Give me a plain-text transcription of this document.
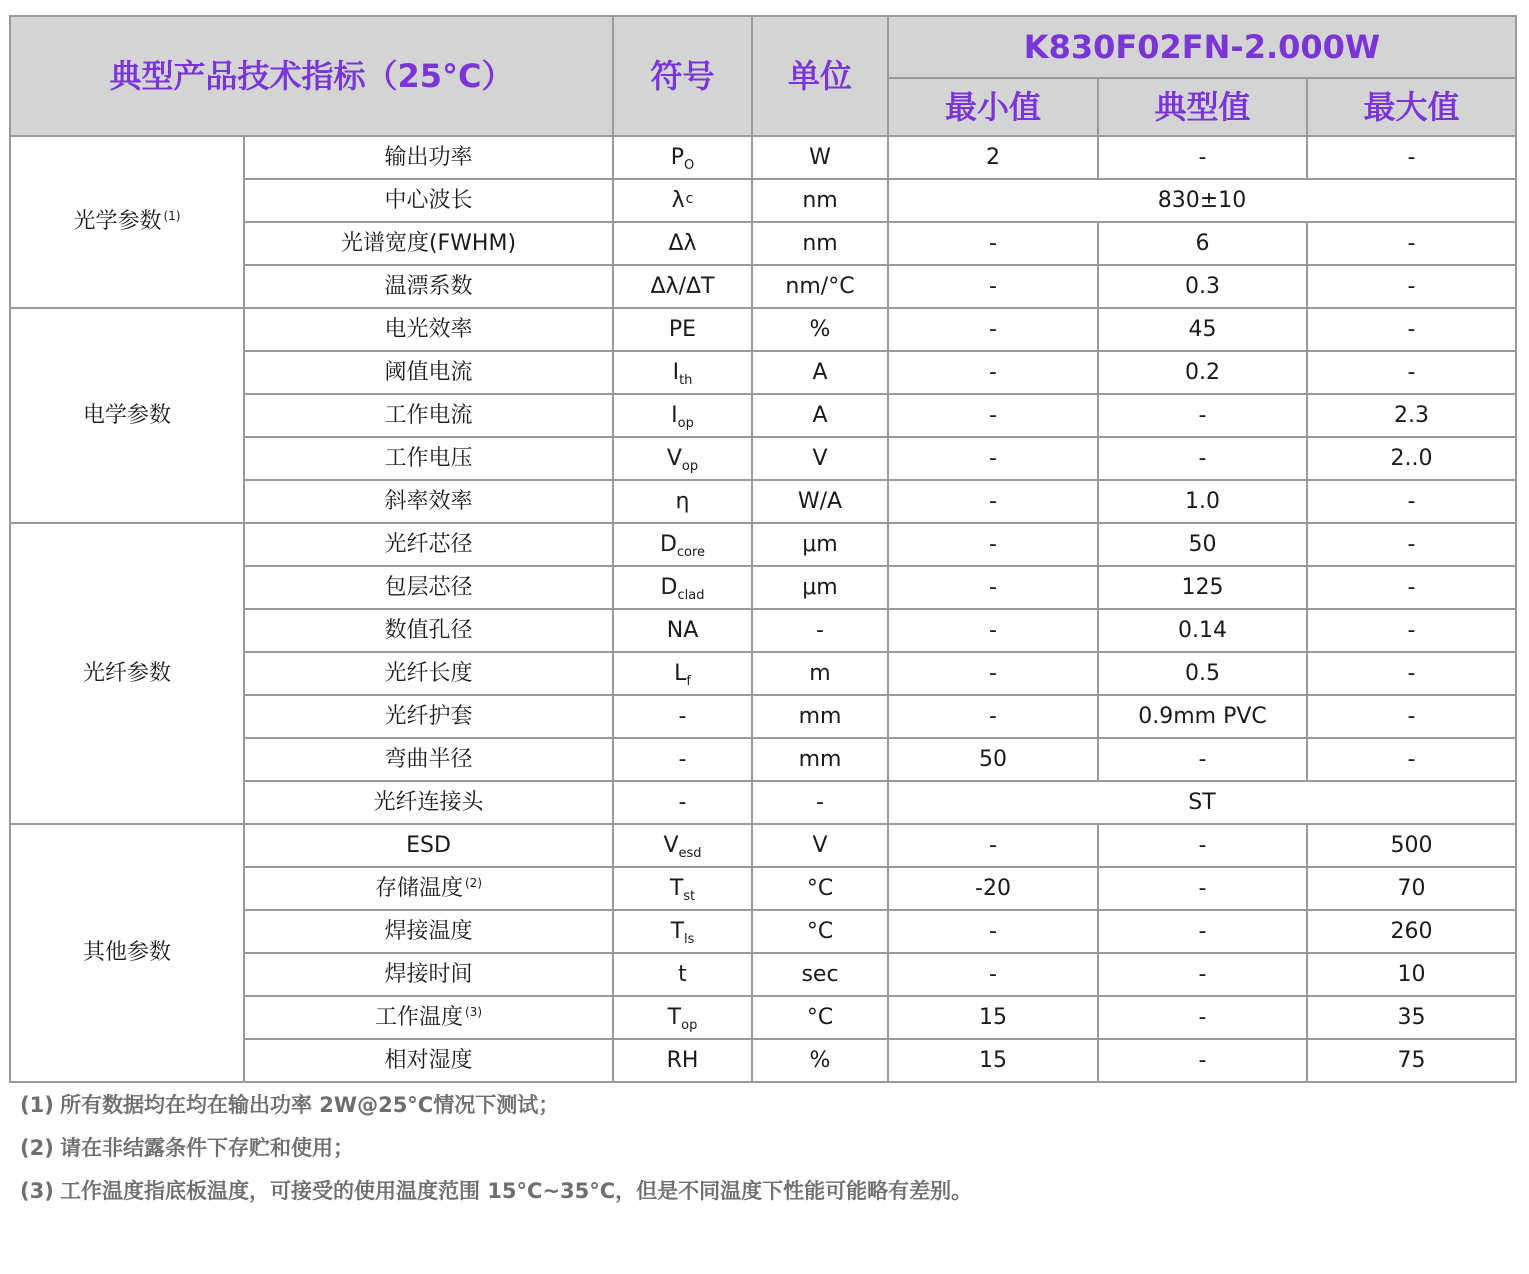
典型产品技术指标（25°C）		符号	单位	K830F02FN-2.000W		
				最小值	典型值	最大值
光学参数 $^{(1)}$	输出功率	$P_O$	W	2	-	-
	中心波长	λc	nm	830±10		
	光谱宽度(FWHM)	Δλ	nm	-	6	-
	温漂系数	Δλ/ΔT	nm/°C	-	0.3	-
电学参数	电光效率	PE	%	-	45	-
	阈值电流	$I_{th}$	A	-	0.2	-
	工作电流	$I_{op}$	A	-	-	2.3
	工作电压	$V_{op}$	V	-	-	2..0
	斜率效率	η	W/A	-	1.0	-
光纤参数	光纤芯径	$D_{core}$	μm	-	50	-
	包层芯径	$D_{clad}$	μm	-	125	-
	数值孔径	NA	-	-	0.14	-
	光纤长度	$L_f$	m	-	0.5	-
	光纤护套	-	mm	-	0.9mm PVC	-
	弯曲半径	-	mm	50	-	-
	光纤连接头	-	-	ST		
其他参数	ESD	$V_{esd}$	V	-	-	500
	存储温度 $^{(2)}$	$T_{st}$	°C	-20	-	70
	焊接温度	$T_{ls}$	°C	-	-	260
	焊接时间	t	sec	-	-	10
	工作温度 $^{(3)}$	$T_{op}$	°C	15	-	35
	相对湿度	RH	%	15	-	75
(1) 所有数据均在均在输出功率 2W@25°C情况下测试；
(2) 请在非结露条件下存贮和使用；
(3) 工作温度指底板温度，可接受的使用温度范围 15°C~35°C，但是不同温度下性能可能略有差别。
